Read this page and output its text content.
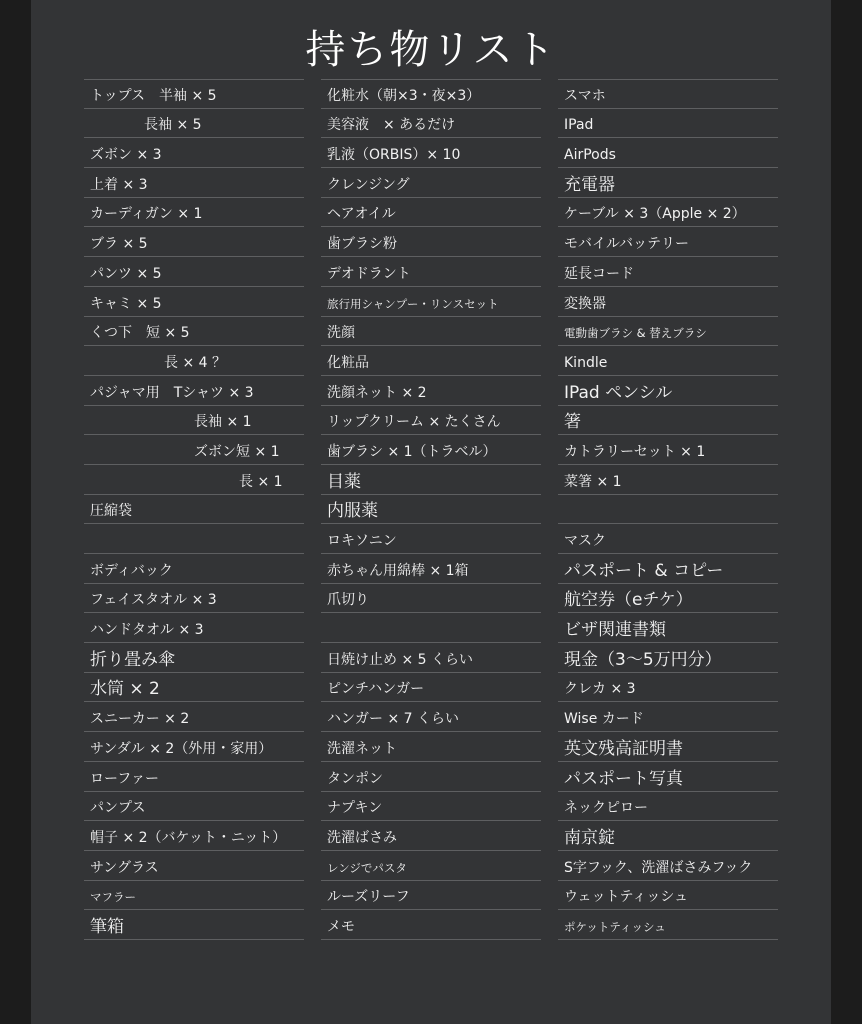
持ち物リスト
トップス　半袖 × 5
長袖 × 5
ズボン × 3
上着 × 3
カーディガン × 1
ブラ × 5
パンツ × 5
キャミ × 5
くつ下　短 × 5
長 × 4 ？
パジャマ用　Tシャツ × 3
長袖 × 1
ズボン短 × 1
長 × 1
圧縮袋
ボディバック
フェイスタオル × 3
ハンドタオル × 3
折り畳み傘
水筒 × 2
スニーカー × 2
サンダル × 2（外用・家用）
ローファー
パンプス
帽子 × 2（バケット・ニット）
サングラス
マフラー
筆箱
化粧水（朝×3・夜×3）
美容液　× あるだけ
乳液（ORBIS）× 10
クレンジング
ヘアオイル
歯ブラシ粉
デオドラント
旅行用シャンプー・リンスセット
洗顔
化粧品
洗顔ネット × 2
リップクリーム × たくさん
歯ブラシ × 1（トラベル）
目薬
内服薬
ロキソニン
赤ちゃん用綿棒 × 1箱
爪切り
日焼け止め × 5 くらい
ピンチハンガー
ハンガー × 7 くらい
洗濯ネット
タンポン
ナプキン
洗濯ばさみ
レンジでパスタ
ルーズリーフ
メモ
スマホ
IPad
AirPods
充電器
ケーブル × 3（Apple × 2）
モバイルバッテリー
延長コード
変換器
電動歯ブラシ & 替えブラシ
Kindle
IPad ペンシル
箸
カトラリーセット × 1
菜箸 × 1
マスク
パスポート & コピー
航空券（eチケ）
ビザ関連書類
現金（3〜5万円分）
クレカ × 3
Wise カード
英文残高証明書
パスポート写真
ネックピロー
南京錠
S字フック、洗濯ばさみフック
ウェットティッシュ
ポケットティッシュ
